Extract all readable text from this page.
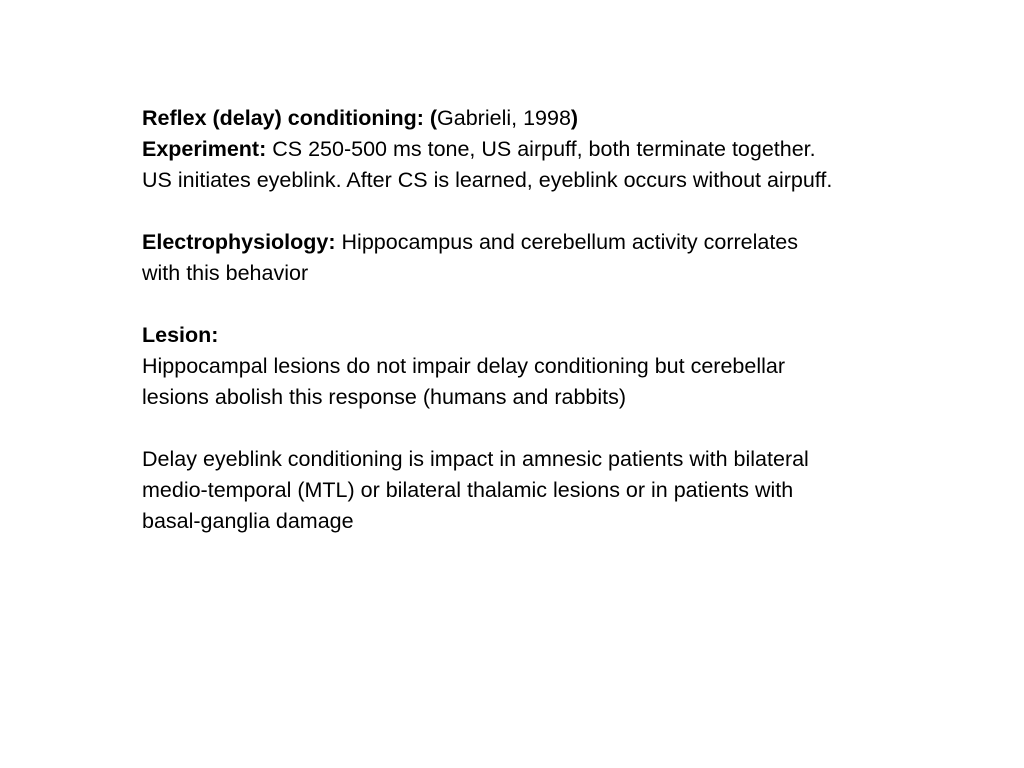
Reflex (delay) conditioning: (Gabrieli, 1998)
Experiment: CS 250-500 ms tone, US airpuff, both terminate together.
US initiates eyeblink. After CS is learned, eyeblink occurs without airpuff.
Electrophysiology: Hippocampus and cerebellum activity correlates
with this behavior
Lesion:
Hippocampal lesions do not impair delay conditioning but cerebellar
lesions abolish this response (humans and rabbits)
Delay eyeblink conditioning is impact in amnesic patients with bilateral
medio-temporal (MTL) or bilateral thalamic lesions or in patients with
basal-ganglia damage
